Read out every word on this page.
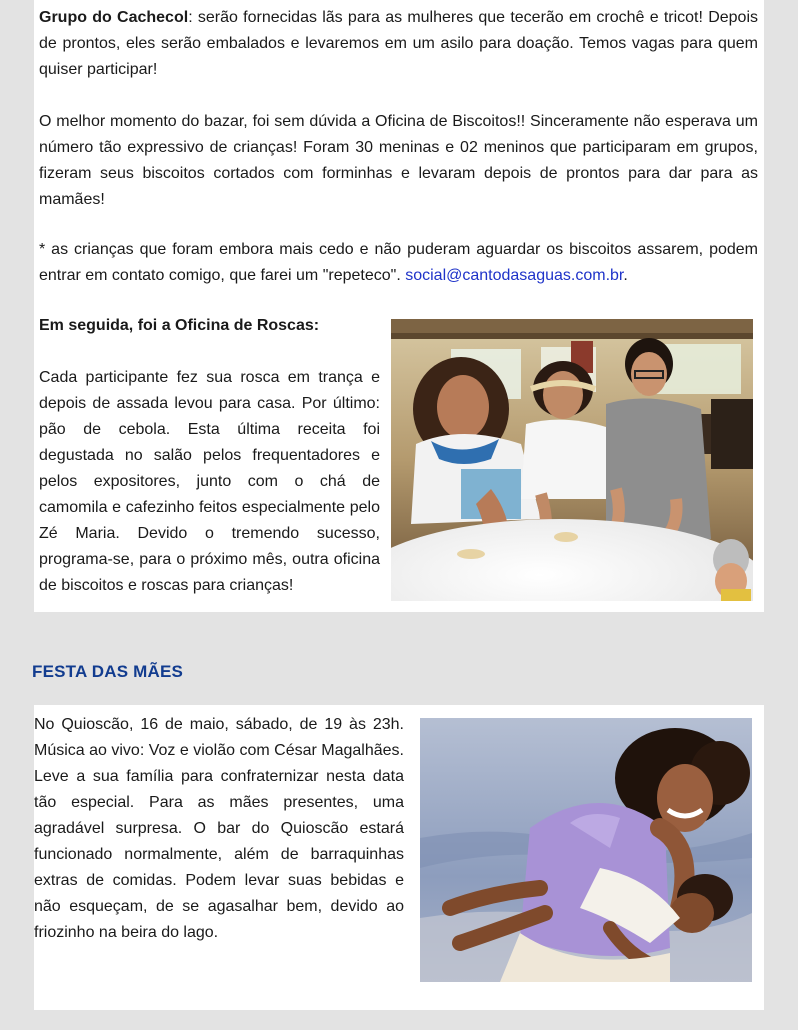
Grupo do Cachecol: serão fornecidas lãs para as mulheres que tecerão em crochê e tricot! Depois de prontos, eles serão embalados e levaremos em um asilo para doação. Temos vagas para quem quiser participar!

O melhor momento do bazar, foi sem dúvida a Oficina de Biscoitos!! Sinceramente não esperava um número tão expressivo de crianças! Foram 30 meninas e 02 meninos que participaram em grupos, fizeram seus biscoitos cortados com forminhas e levaram depois de prontos para dar para as mamães!

* as crianças que foram embora mais cedo e não puderam aguardar os biscoitos assarem, podem entrar em contato comigo, que farei um "repeteco". social@cantodasaguas.com.br.

Em seguida, foi a Oficina de Roscas:

Cada participante fez sua rosca em trança e depois de assada levou para casa. Por último: pão de cebola. Esta última receita foi degustada no salão pelos frequentadores e pelos expositores, junto com o chá de camomila e cafezinho feitos especialmente pelo Zé Maria. Devido o tremendo sucesso, programa-se, para o próximo mês, outra oficina de biscoitos e roscas para crianças!

FESTA DAS MÃES

No Quioscão, 16 de maio, sábado, de 19 às 23h. Música ao vivo: Voz e violão com César Magalhães. Leve a sua família para confraternizar nesta data tão especial. Para as mães presentes, uma agradável surpresa. O bar do Quioscão estará funcionado normalmente, além de barraquinhas extras de comidas. Podem levar suas bebidas e não esqueçam, de se agasalhar bem, devido ao friozinho na beira do lago.
